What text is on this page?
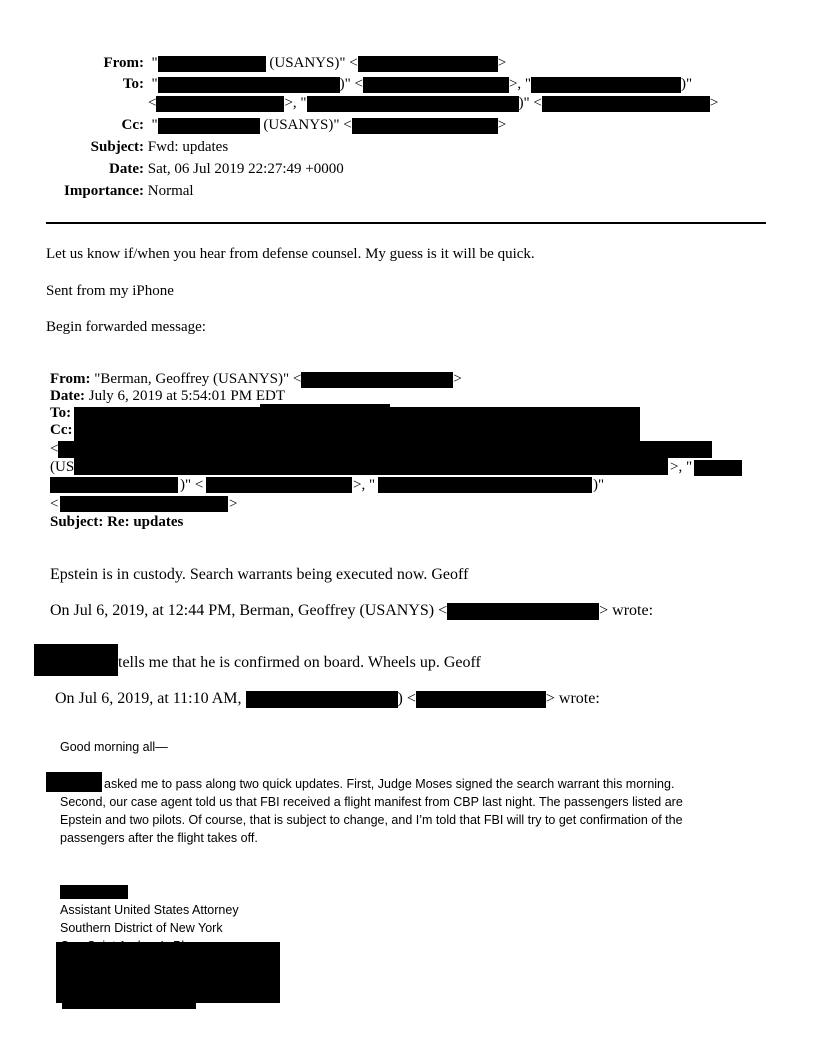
From:  "	(USANYS)" <	>
To:  "	)" <	>, "	)"
<	>, "	)" <	>
Cc:  "	(USANYS)" <	>
Subject: Fwd: updates
Date: Sat, 06 Jul 2019 22:27:49 +0000
Importance: Normal
Let us know if/when you hear from defense counsel. My guess is it will be quick.
Sent from my iPhone
Begin forwarded message:
From: "Berman, Geoffrey (USANYS)" <	>
Date: July 6, 2019 at 5:54:01 PM EDT
To:
Cc:
<
(US	>, "
)" <	>, "	)"
<	>
Subject: Re: updates
Epstein is in custody. Search warrants being executed now. Geoff
On Jul 6, 2019, at 12:44 PM, Berman, Geoffrey (USANYS) <	> wrote:
tells me that he is confirmed on board. Wheels up. Geoff
On Jul 6, 2019, at 11:10 AM,	) <	> wrote:
Good morning all—
asked me to pass along two quick updates. First, Judge Moses signed the search warrant this morning.
Second, our case agent told us that FBI received a flight manifest from CBP last night. The passengers listed are
Epstein and two pilots. Of course, that is subject to change, and I’m told that FBI will try to get confirmation of the
passengers after the flight takes off.
Assistant United States Attorney
Southern District of New York
